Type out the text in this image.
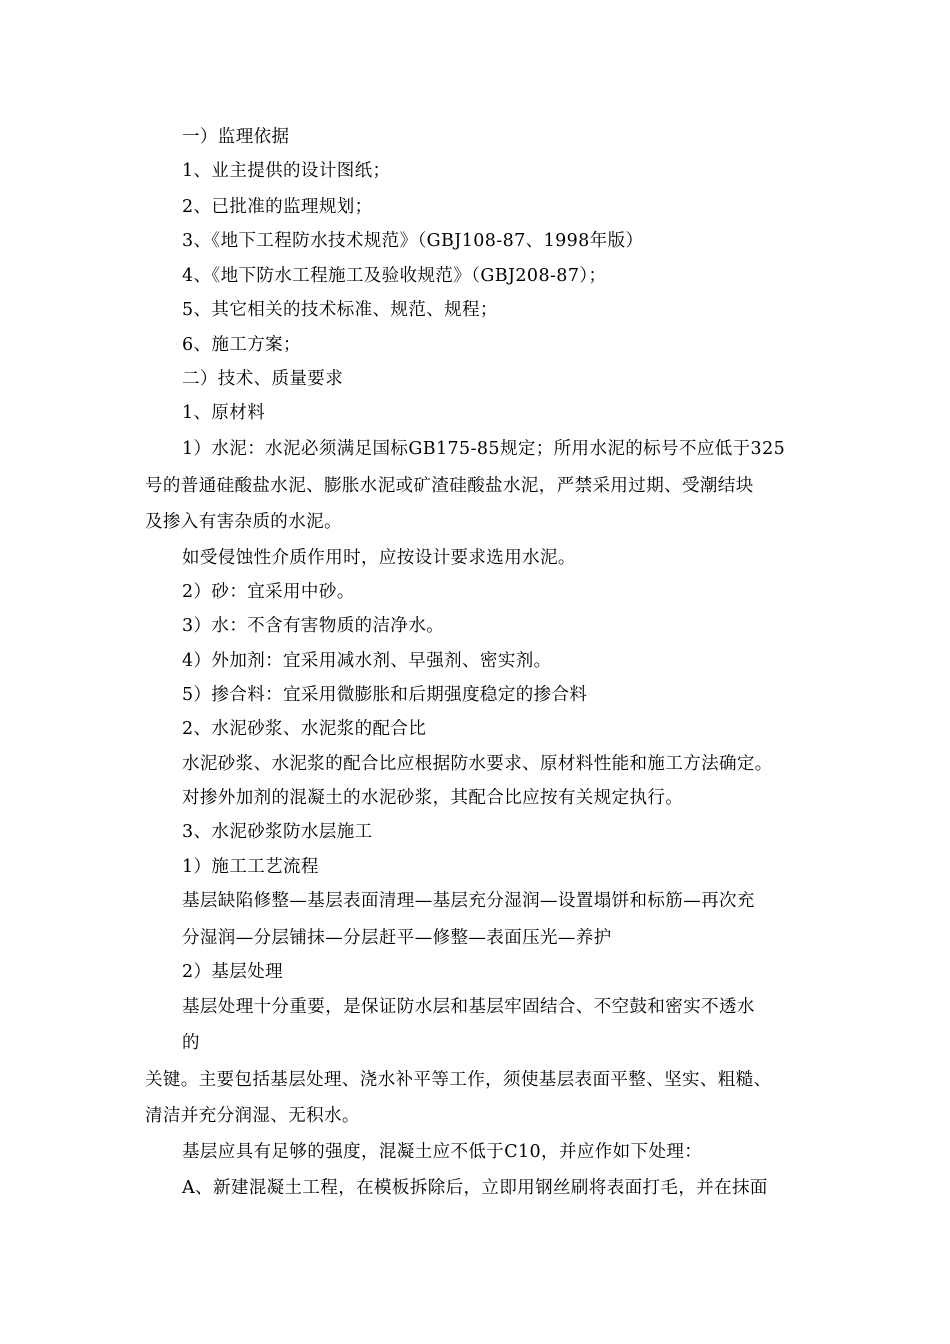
一）监理依据
1、业主提供的设计图纸；
2、已批准的监理规划；
3、《地下工程防水技术规范》（GBJ108-87、1998年版）
4、《地下防水工程施工及验收规范》（GBJ208-87）；
5、其它相关的技术标准、规范、规程；
6、施工方案；
二）技术、质量要求
1、原材料
1）水泥：水泥必须满足国标GB175-85规定；所用水泥的标号不应低于325
号的普通硅酸盐水泥、膨胀水泥或矿渣硅酸盐水泥，严禁采用过期、受潮结块
及掺入有害杂质的水泥。
如受侵蚀性介质作用时，应按设计要求选用水泥。
2）砂：宜采用中砂。
3）水：不含有害物质的洁净水。
4）外加剂：宜采用减水剂、早强剂、密实剂。
5）掺合料：宜采用微膨胀和后期强度稳定的掺合料
2、水泥砂浆、水泥浆的配合比
水泥砂浆、水泥浆的配合比应根据防水要求、原材料性能和施工方法确定。
对掺外加剂的混凝土的水泥砂浆，其配合比应按有关规定执行。
3、水泥砂浆防水层施工
1）施工工艺流程
基层缺陷修整—基层表面清理—基层充分湿润—设置塌饼和标筋—再次充
分湿润—分层铺抹—分层赶平—修整—表面压光—养护
2）基层处理
基层处理十分重要，是保证防水层和基层牢固结合、不空鼓和密实不透水
的
关键。主要包括基层处理、浇水补平等工作，须使基层表面平整、坚实、粗糙、
清洁并充分润湿、无积水。
基层应具有足够的强度，混凝土应不低于C10，并应作如下处理：
A、新建混凝土工程，在模板拆除后，立即用钢丝刷将表面打毛，并在抹面
